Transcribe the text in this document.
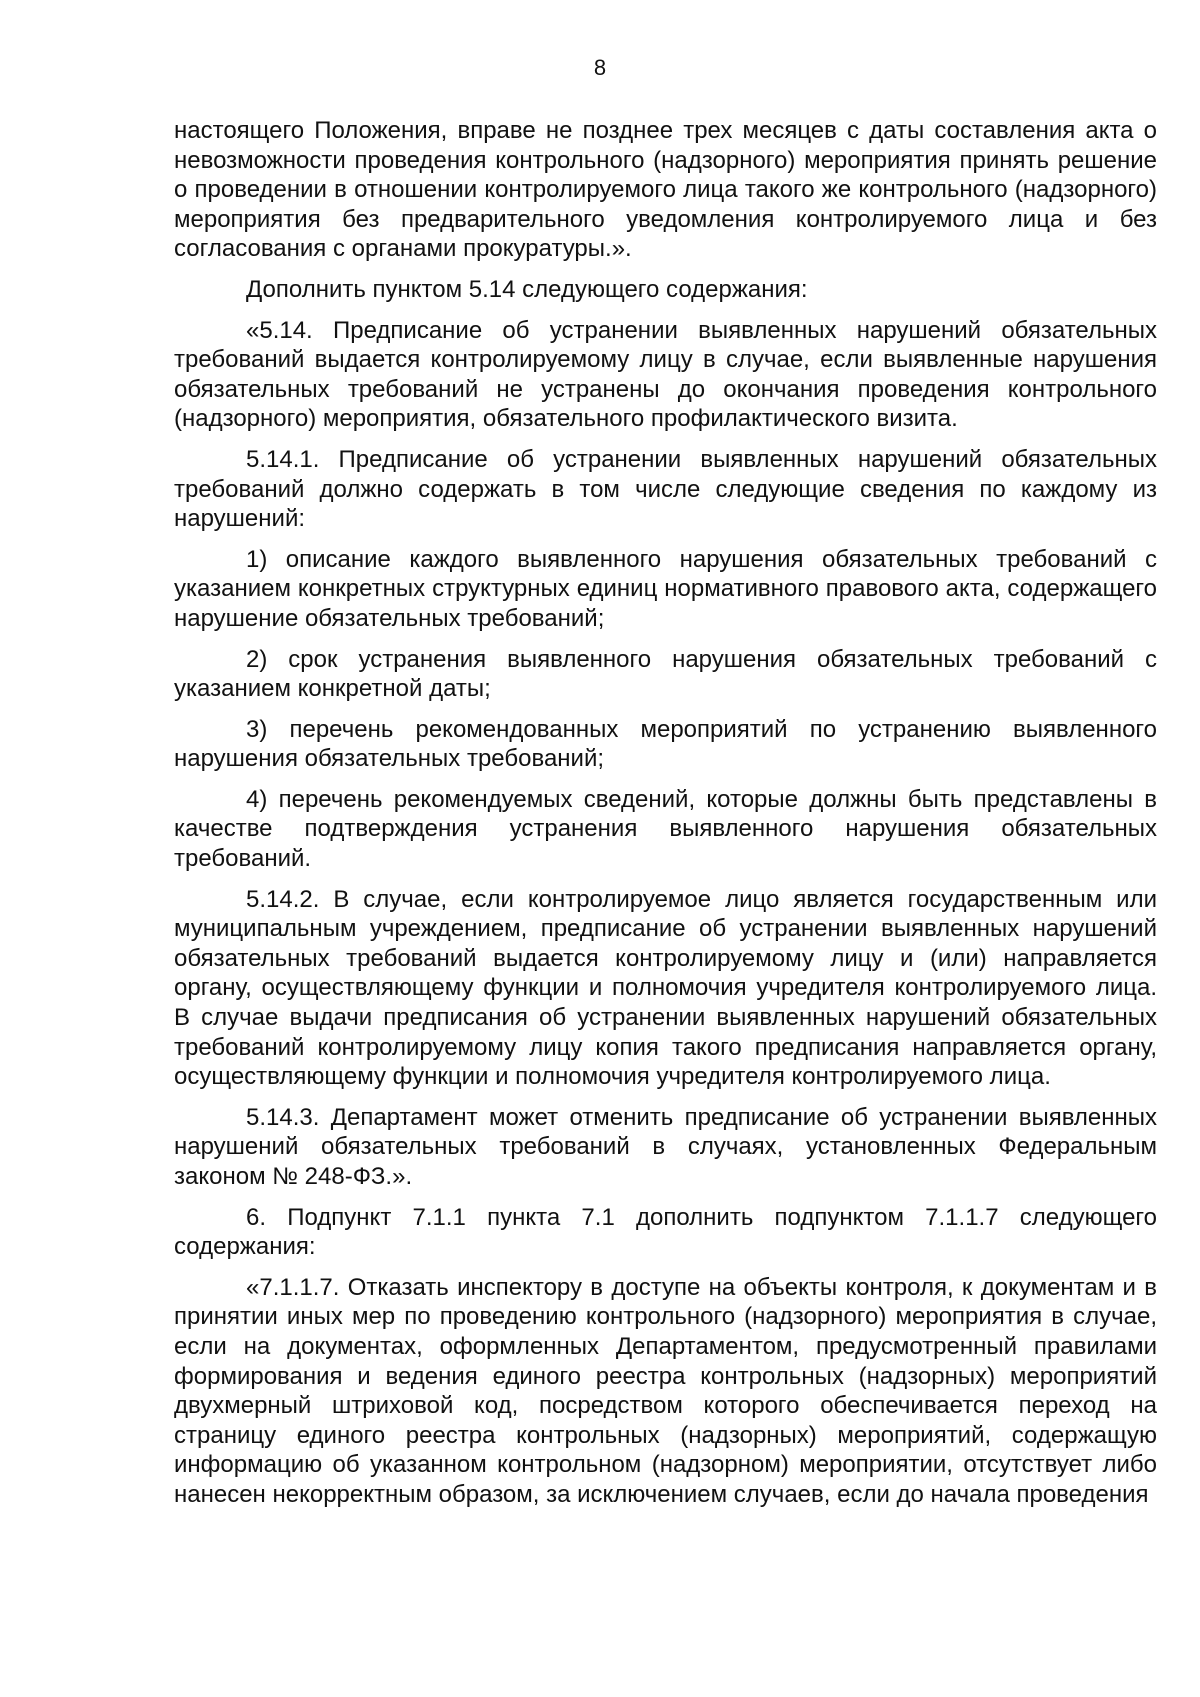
8

настоящего Положения, вправе не позднее трех месяцев с даты составления акта о невозможности проведения контрольного (надзорного) мероприятия принять решение о проведении в отношении контролируемого лица такого же контрольного (надзорного) мероприятия без предварительного уведомления контролируемого лица и без согласования с органами прокуратуры.».

Дополнить пунктом 5.14 следующего содержания:

«5.14. Предписание об устранении выявленных нарушений обязательных требований выдается контролируемому лицу в случае, если выявленные нарушения обязательных требований не устранены до окончания проведения контрольного (надзорного) мероприятия, обязательного профилактического визита.

5.14.1. Предписание об устранении выявленных нарушений обязательных требований должно содержать в том числе следующие сведения по каждому из нарушений:

1) описание каждого выявленного нарушения обязательных требований с указанием конкретных структурных единиц нормативного правового акта, содержащего нарушение обязательных требований;

2) срок устранения выявленного нарушения обязательных требований с указанием конкретной даты;

3) перечень рекомендованных мероприятий по устранению выявленного нарушения обязательных требований;

4) перечень рекомендуемых сведений, которые должны быть представлены в качестве подтверждения устранения выявленного нарушения обязательных требований.

5.14.2. В случае, если контролируемое лицо является государственным или муниципальным учреждением, предписание об устранении выявленных нарушений обязательных требований выдается контролируемому лицу и (или) направляется органу, осуществляющему функции и полномочия учредителя контролируемого лица. В случае выдачи предписания об устранении выявленных нарушений обязательных требований контролируемому лицу копия такого предписания направляется органу, осуществляющему функции и полномочия учредителя контролируемого лица.

5.14.3. Департамент может отменить предписание об устранении выявленных нарушений обязательных требований в случаях, установленных Федеральным законом № 248-ФЗ.».

6. Подпункт 7.1.1 пункта 7.1 дополнить подпунктом 7.1.1.7 следующего содержания:

«7.1.1.7. Отказать инспектору в доступе на объекты контроля, к документам и в принятии иных мер по проведению контрольного (надзорного) мероприятия в случае, если на документах, оформленных Департаментом, предусмотренный правилами формирования и ведения единого реестра контрольных (надзорных) мероприятий двухмерный штриховой код, посредством которого обеспечивается переход на страницу единого реестра контрольных (надзорных) мероприятий, содержащую информацию об указанном контрольном (надзорном) мероприятии, отсутствует либо нанесен некорректным образом, за исключением случаев, если до начала проведения
